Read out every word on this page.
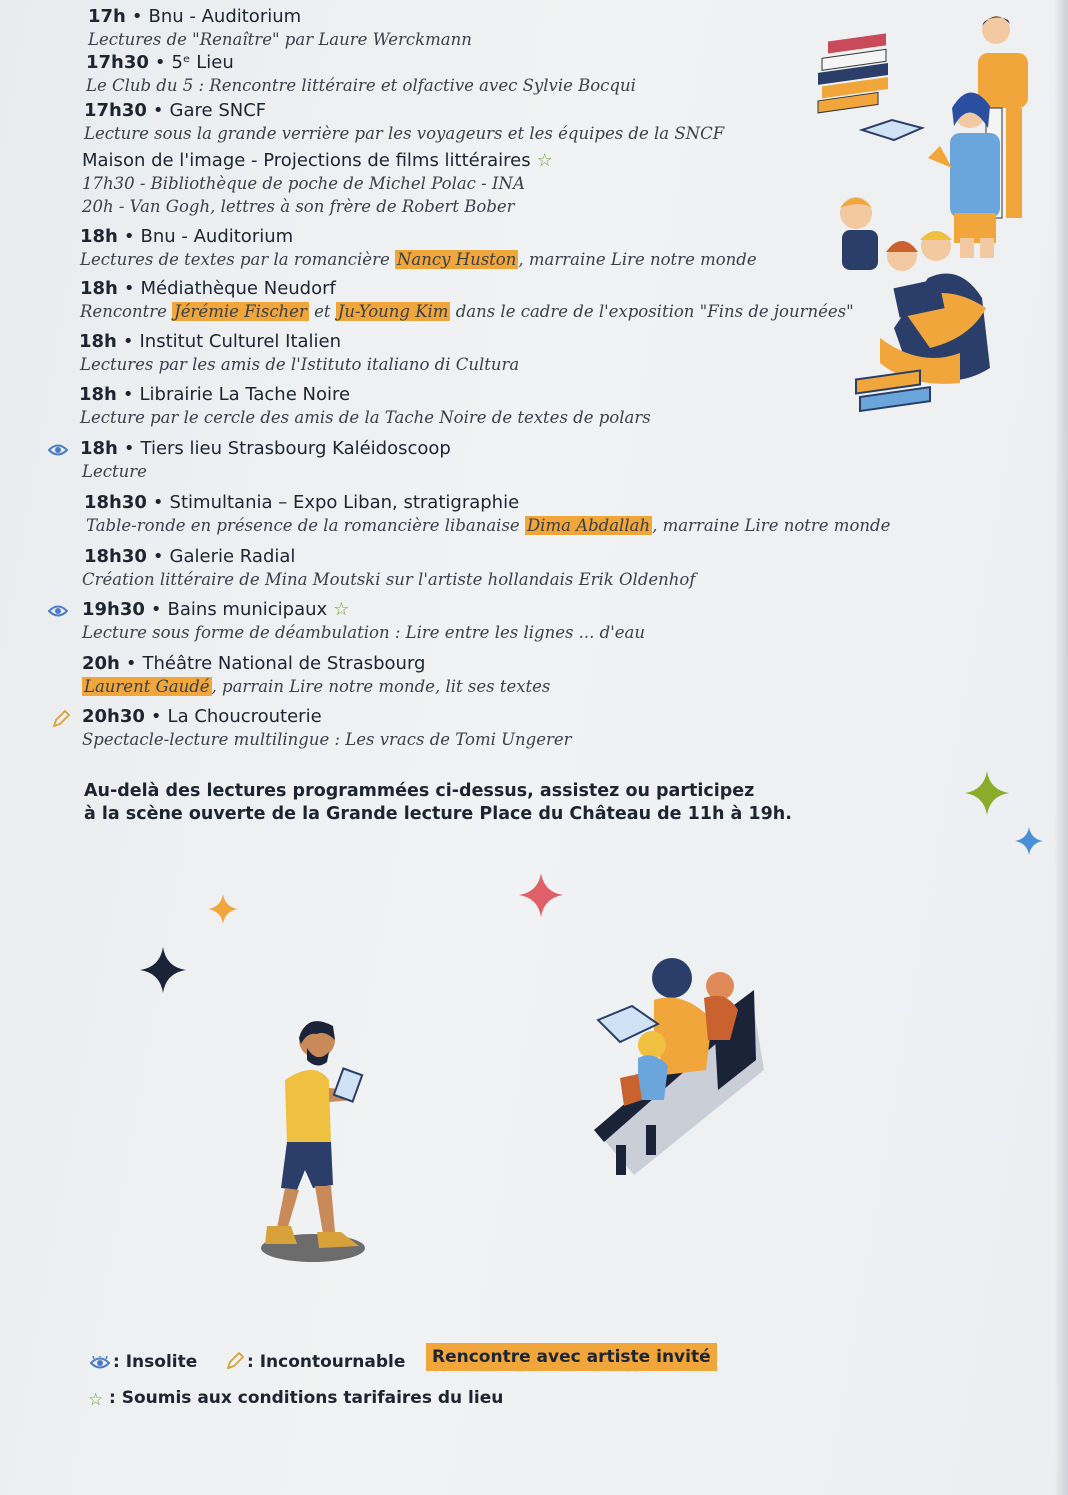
17h • Bnu - Auditorium
Lectures de "Renaître" par Laure Werckmann
17h30 • 5ᵉ Lieu
Le Club du 5 : Rencontre littéraire et olfactive avec Sylvie Bocqui
17h30 • Gare SNCF
Lecture sous la grande verrière par les voyageurs et les équipes de la SNCF
Maison de l'image - Projections de films littéraires ☆
17h30 - Bibliothèque de poche de Michel Polac - INA
20h - Van Gogh, lettres à son frère de Robert Bober
18h • Bnu - Auditorium
Lectures de textes par la romancière Nancy Huston , marraine Lire notre monde
18h • Médiathèque Neudorf
Rencontre Jérémie Fischer et Ju-Young Kim dans le cadre de l'exposition "Fins de journées"
18h • Institut Culturel Italien
Lectures par les amis de l'Istituto italiano di Cultura
18h • Librairie La Tache Noire
Lecture par le cercle des amis de la Tache Noire de textes de polars
18h • Tiers lieu Strasbourg Kaléidoscoop
Lecture
18h30 • Stimultania – Expo Liban, stratigraphie
Table-ronde en présence de la romancière libanaise Dima Abdallah , marraine Lire notre monde
18h30 • Galerie Radial
Création littéraire de Mina Moutski sur l'artiste hollandais Erik Oldenhof
19h30 • Bains municipaux ☆
Lecture sous forme de déambulation : Lire entre les lignes ... d'eau
20h • Théâtre National de Strasbourg
Laurent Gaudé , parrain Lire notre monde, lit ses textes
20h30 • La Choucrouterie
Spectacle-lecture multilingue : Les vracs de Tomi Ungerer
Au-delà des lectures programmées ci-dessus, assistez ou participez
à la scène ouverte de la Grande lecture Place du Château de 11h à 19h.
: Insolite	: Incontournable	Rencontre avec artiste invité
☆ : Soumis aux conditions tarifaires du lieu
